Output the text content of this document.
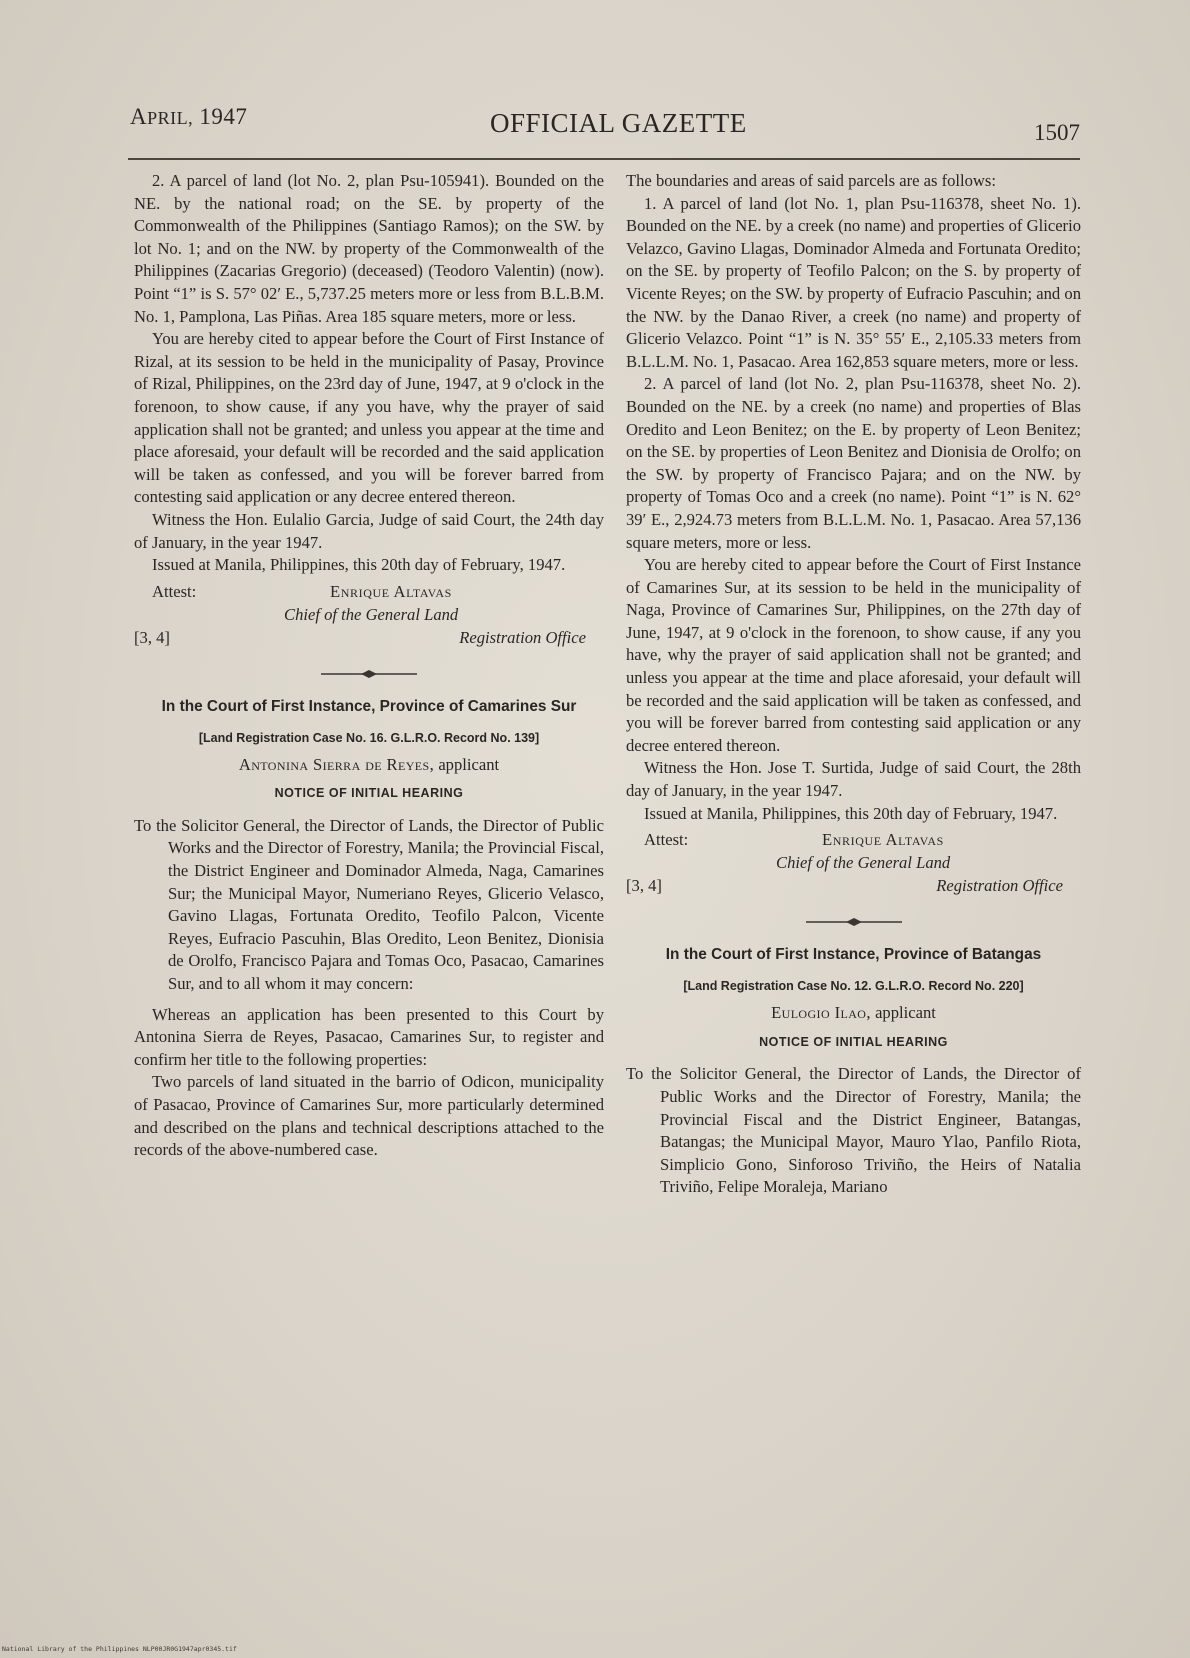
APRIL, 1947	OFFICIAL GAZETTE	1507

2. A parcel of land (lot No. 2, plan Psu-105941). Bounded on the NE. by the national road; on the SE. by property of the Commonwealth of the Philippines (Santiago Ramos); on the SW. by lot No. 1; and on the NW. by property of the Commonwealth of the Philippines (Zacarias Gregorio) (deceased) (Teodoro Valentin) (now). Point “1” is S. 57° 02′ E., 5,737.25 meters more or less from B.L.B.M. No. 1, Pamplona, Las Piñas. Area 185 square meters, more or less.

You are hereby cited to appear before the Court of First Instance of Rizal, at its session to be held in the municipality of Pasay, Province of Rizal, Philippines, on the 23rd day of June, 1947, at 9 o'clock in the forenoon, to show cause, if any you have, why the prayer of said application shall not be granted; and unless you appear at the time and place aforesaid, your default will be recorded and the said application will be taken as confessed, and you will be forever barred from contesting said application or any decree entered thereon.

Witness the Hon. Eulalio Garcia, Judge of said Court, the 24th day of January, in the year 1947.

Issued at Manila, Philippines, this 20th day of February, 1947.

Attest:	Enrique Altavas
Chief of the General Land
[3, 4]	Registration Office
In the Court of First Instance, Province of Camarines Sur
[Land Registration Case No. 16. G.L.R.O. Record No. 139]
Antonina Sierra de Reyes, applicant
NOTICE OF INITIAL HEARING

To the Solicitor General, the Director of Lands, the Director of Public Works and the Director of Forestry, Manila; the Provincial Fiscal, the District Engineer and Dominador Almeda, Naga, Camarines Sur; the Municipal Mayor, Numeriano Reyes, Glicerio Velasco, Gavino Llagas, Fortunata Oredito, Teofilo Palcon, Vicente Reyes, Eufracio Pascuhin, Blas Oredito, Leon Benitez, Dionisia de Orolfo, Francisco Pajara and Tomas Oco, Pasacao, Camarines Sur, and to all whom it may concern:

Whereas an application has been presented to this Court by Antonina Sierra de Reyes, Pasacao, Camarines Sur, to register and confirm her title to the following properties:

Two parcels of land situated in the barrio of Odicon, municipality of Pasacao, Province of Camarines Sur, more particularly determined and described on the plans and technical descriptions attached to the records of the above-numbered case.

The boundaries and areas of said parcels are as follows:

1. A parcel of land (lot No. 1, plan Psu-116378, sheet No. 1). Bounded on the NE. by a creek (no name) and properties of Glicerio Velazco, Gavino Llagas, Dominador Almeda and Fortunata Oredito; on the SE. by property of Teofilo Palcon; on the S. by property of Vicente Reyes; on the SW. by property of Eufracio Pascuhin; and on the NW. by the Danao River, a creek (no name) and property of Glicerio Velazco. Point “1” is N. 35° 55′ E., 2,105.33 meters from B.L.L.M. No. 1, Pasacao. Area 162,853 square meters, more or less.

2. A parcel of land (lot No. 2, plan Psu-116378, sheet No. 2). Bounded on the NE. by a creek (no name) and properties of Blas Oredito and Leon Benitez; on the E. by property of Leon Benitez; on the SE. by properties of Leon Benitez and Dionisia de Orolfo; on the SW. by property of Francisco Pajara; and on the NW. by property of Tomas Oco and a creek (no name). Point “1” is N. 62° 39′ E., 2,924.73 meters from B.L.L.M. No. 1, Pasacao. Area 57,136 square meters, more or less.

You are hereby cited to appear before the Court of First Instance of Camarines Sur, at its session to be held in the municipality of Naga, Province of Camarines Sur, Philippines, on the 27th day of June, 1947, at 9 o'clock in the forenoon, to show cause, if any you have, why the prayer of said application shall not be granted; and unless you appear at the time and place aforesaid, your default will be recorded and the said application will be taken as confessed, and you will be forever barred from contesting said application or any decree entered thereon.

Witness the Hon. Jose T. Surtida, Judge of said Court, the 28th day of January, in the year 1947.

Issued at Manila, Philippines, this 20th day of February, 1947.

Attest:	Enrique Altavas
Chief of the General Land
[3, 4]	Registration Office
In the Court of First Instance, Province of Batangas
[Land Registration Case No. 12. G.L.R.O. Record No. 220]
Eulogio Ilao, applicant
NOTICE OF INITIAL HEARING

To the Solicitor General, the Director of Lands, the Director of Public Works and the Director of Forestry, Manila; the Provincial Fiscal and the District Engineer, Batangas, Batangas; the Municipal Mayor, Mauro Ylao, Panfilo Riota, Simplicio Gono, Sinforoso Triviño, the Heirs of Natalia Triviño, Felipe Moraleja, Mariano

National Library of the Philippines NLP00JR0G1947apr0345.tif
